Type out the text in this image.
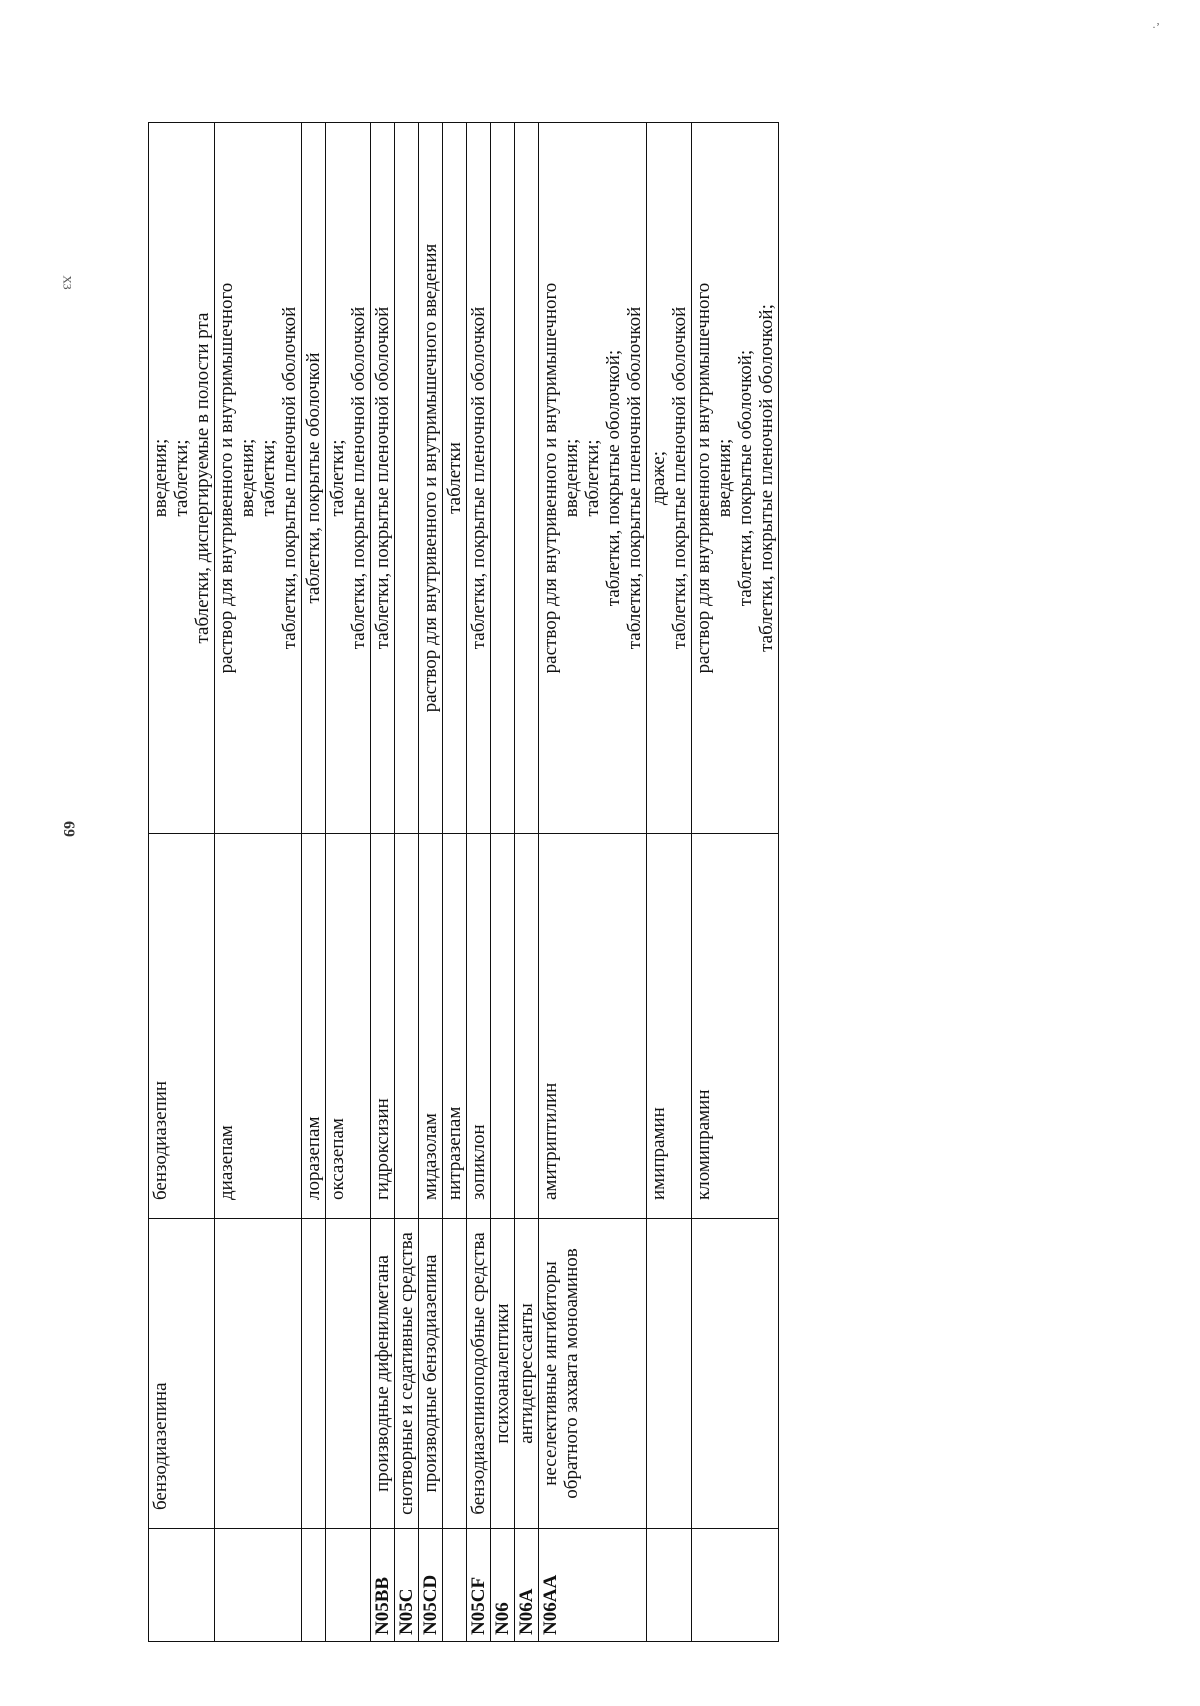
ХЗ
69
·ʼ
	бензодиазепина	бензодиазепин	введения; таблетки; таблетки, диспергируемые в полости рта

		диазепам	раствор для внутривенного и внутримышечного введения; таблетки; таблетки, покрытые пленочной оболочкой

		лоразепам	таблетки, покрытые оболочкой

		оксазепам	таблетки; таблетки, покрытые пленочной оболочкой

N05BB	производные дифенилметана	гидроксизин	таблетки, покрытые пленочной оболочкой

N05C	снотворные и седативные средства		

N05CD	производные бензодиазепина	мидазолам	раствор для внутривенного и внутримышечного введения

		нитразепам	таблетки

N05CF	бензодиазепиноподобные средства	зопиклон	таблетки, покрытые пленочной оболочкой

N06	психоаналептики		

N06A	антидепрессанты		

N06AA	неселективные ингибиторы обратного захвата моноаминов	амитриптилин	раствор для внутривенного и внутримышечного введения; таблетки; таблетки, покрытые оболочкой; таблетки, покрытые пленочной оболочкой

		имипрамин	драже; таблетки, покрытые пленочной оболочкой

		кломипрамин	раствор для внутривенного и внутримышечного введения; таблетки, покрытые оболочкой; таблетки, покрытые пленочной оболочкой;
